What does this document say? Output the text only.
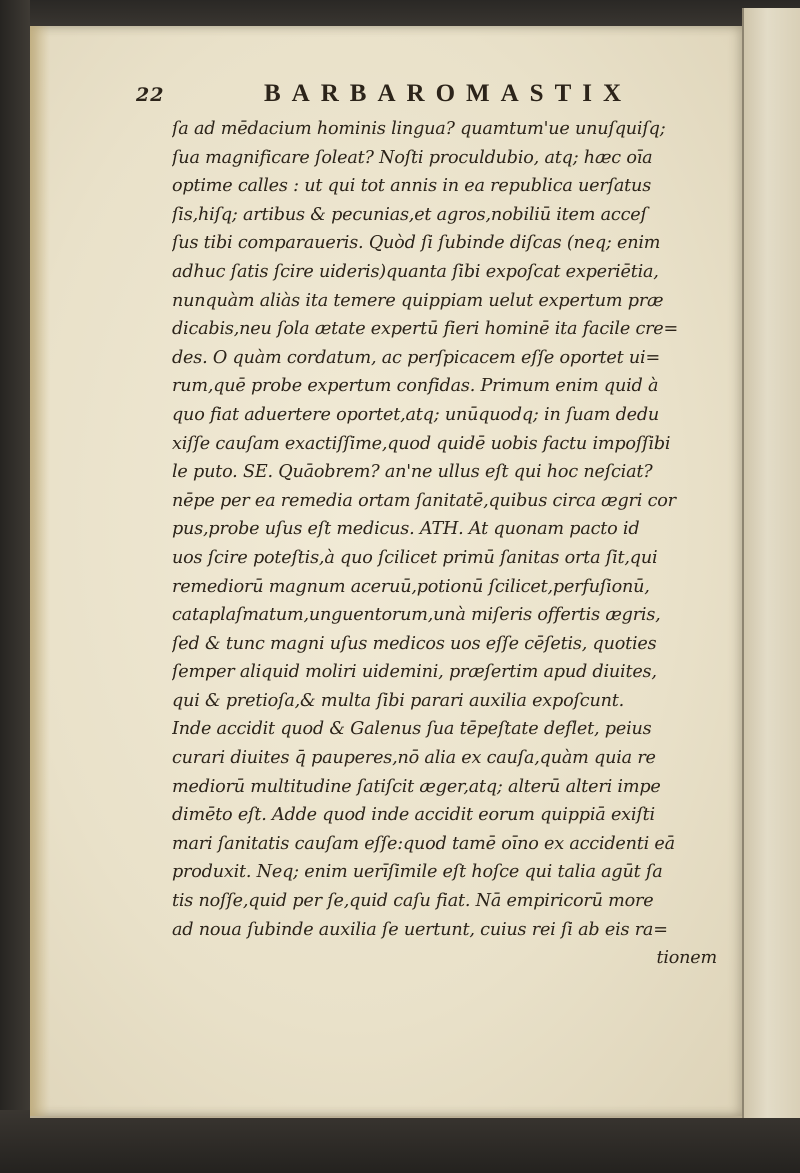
22	BARBAROMASTIX
ſa ad mēdacium hominis lingua? quamtum'ue unuſquiſq;
ſua magnificare ſoleat? Noſti proculdubio, atq; hæc oīa
optime calles : ut qui tot annis in ea republica uerſatus
ſis,hiſq; artibus & pecunias,et agros,nobiliū item acceſ
ſus tibi comparaueris. Quòd ſi ſubinde diſcas (neq; enim
adhuc ſatis ſcire uideris)quanta ſibi expoſcat experiētia,
nunquàm aliàs ita temere quippiam uelut expertum præ
dicabis,neu ſola ætate expertū fieri hominē ita facile cre=
des. O quàm cordatum, ac perſpicacem eſſe oportet ui=
rum,quē probe expertum confidas. Primum enim quid à
quo fiat aduertere oportet,atq; unūquodq; in ſuam dedu
xiſſe cauſam exactiſſime,quod quidē uobis factu impoſſibi
le puto. SE. Quāobrem? an'ne ullus eſt qui hoc neſciat?
nēpe per ea remedia ortam ſanitatē,quibus circa ægri cor
pus,probe uſus eſt medicus. ATH. At quonam pacto id
uos ſcire poteſtis,à quo ſcilicet primū ſanitas orta ſit,qui
remediorū magnum aceruū,potionū ſcilicet,perfuſionū,
cataplaſmatum,unguentorum,unà miſeris offertis ægris,
ſed & tunc magni uſus medicos uos eſſe cēſetis, quoties
ſemper aliquid moliri uidemini, præſertim apud diuites,
qui & pretioſa,& multa ſibi parari auxilia expoſcunt.
Inde accidit quod & Galenus ſua tēpeſtate deflet, peius
curari diuites q̄ pauperes,nō alia ex cauſa,quàm quia re
mediorū multitudine ſatiſcit æger,atq; alterū alteri impe
dimēto eſt. Adde quod inde accidit eorum quippiā exiſti
mari ſanitatis cauſam eſſe:quod tamē oīno ex accidenti eā
produxit. Neq; enim uerīſimile eſt hoſce qui talia agūt ſa
tis noſſe,quid per ſe,quid caſu fiat. Nā empiricorū more
ad noua ſubinde auxilia ſe uertunt, cuius rei ſi ab eis ra=
tionem
